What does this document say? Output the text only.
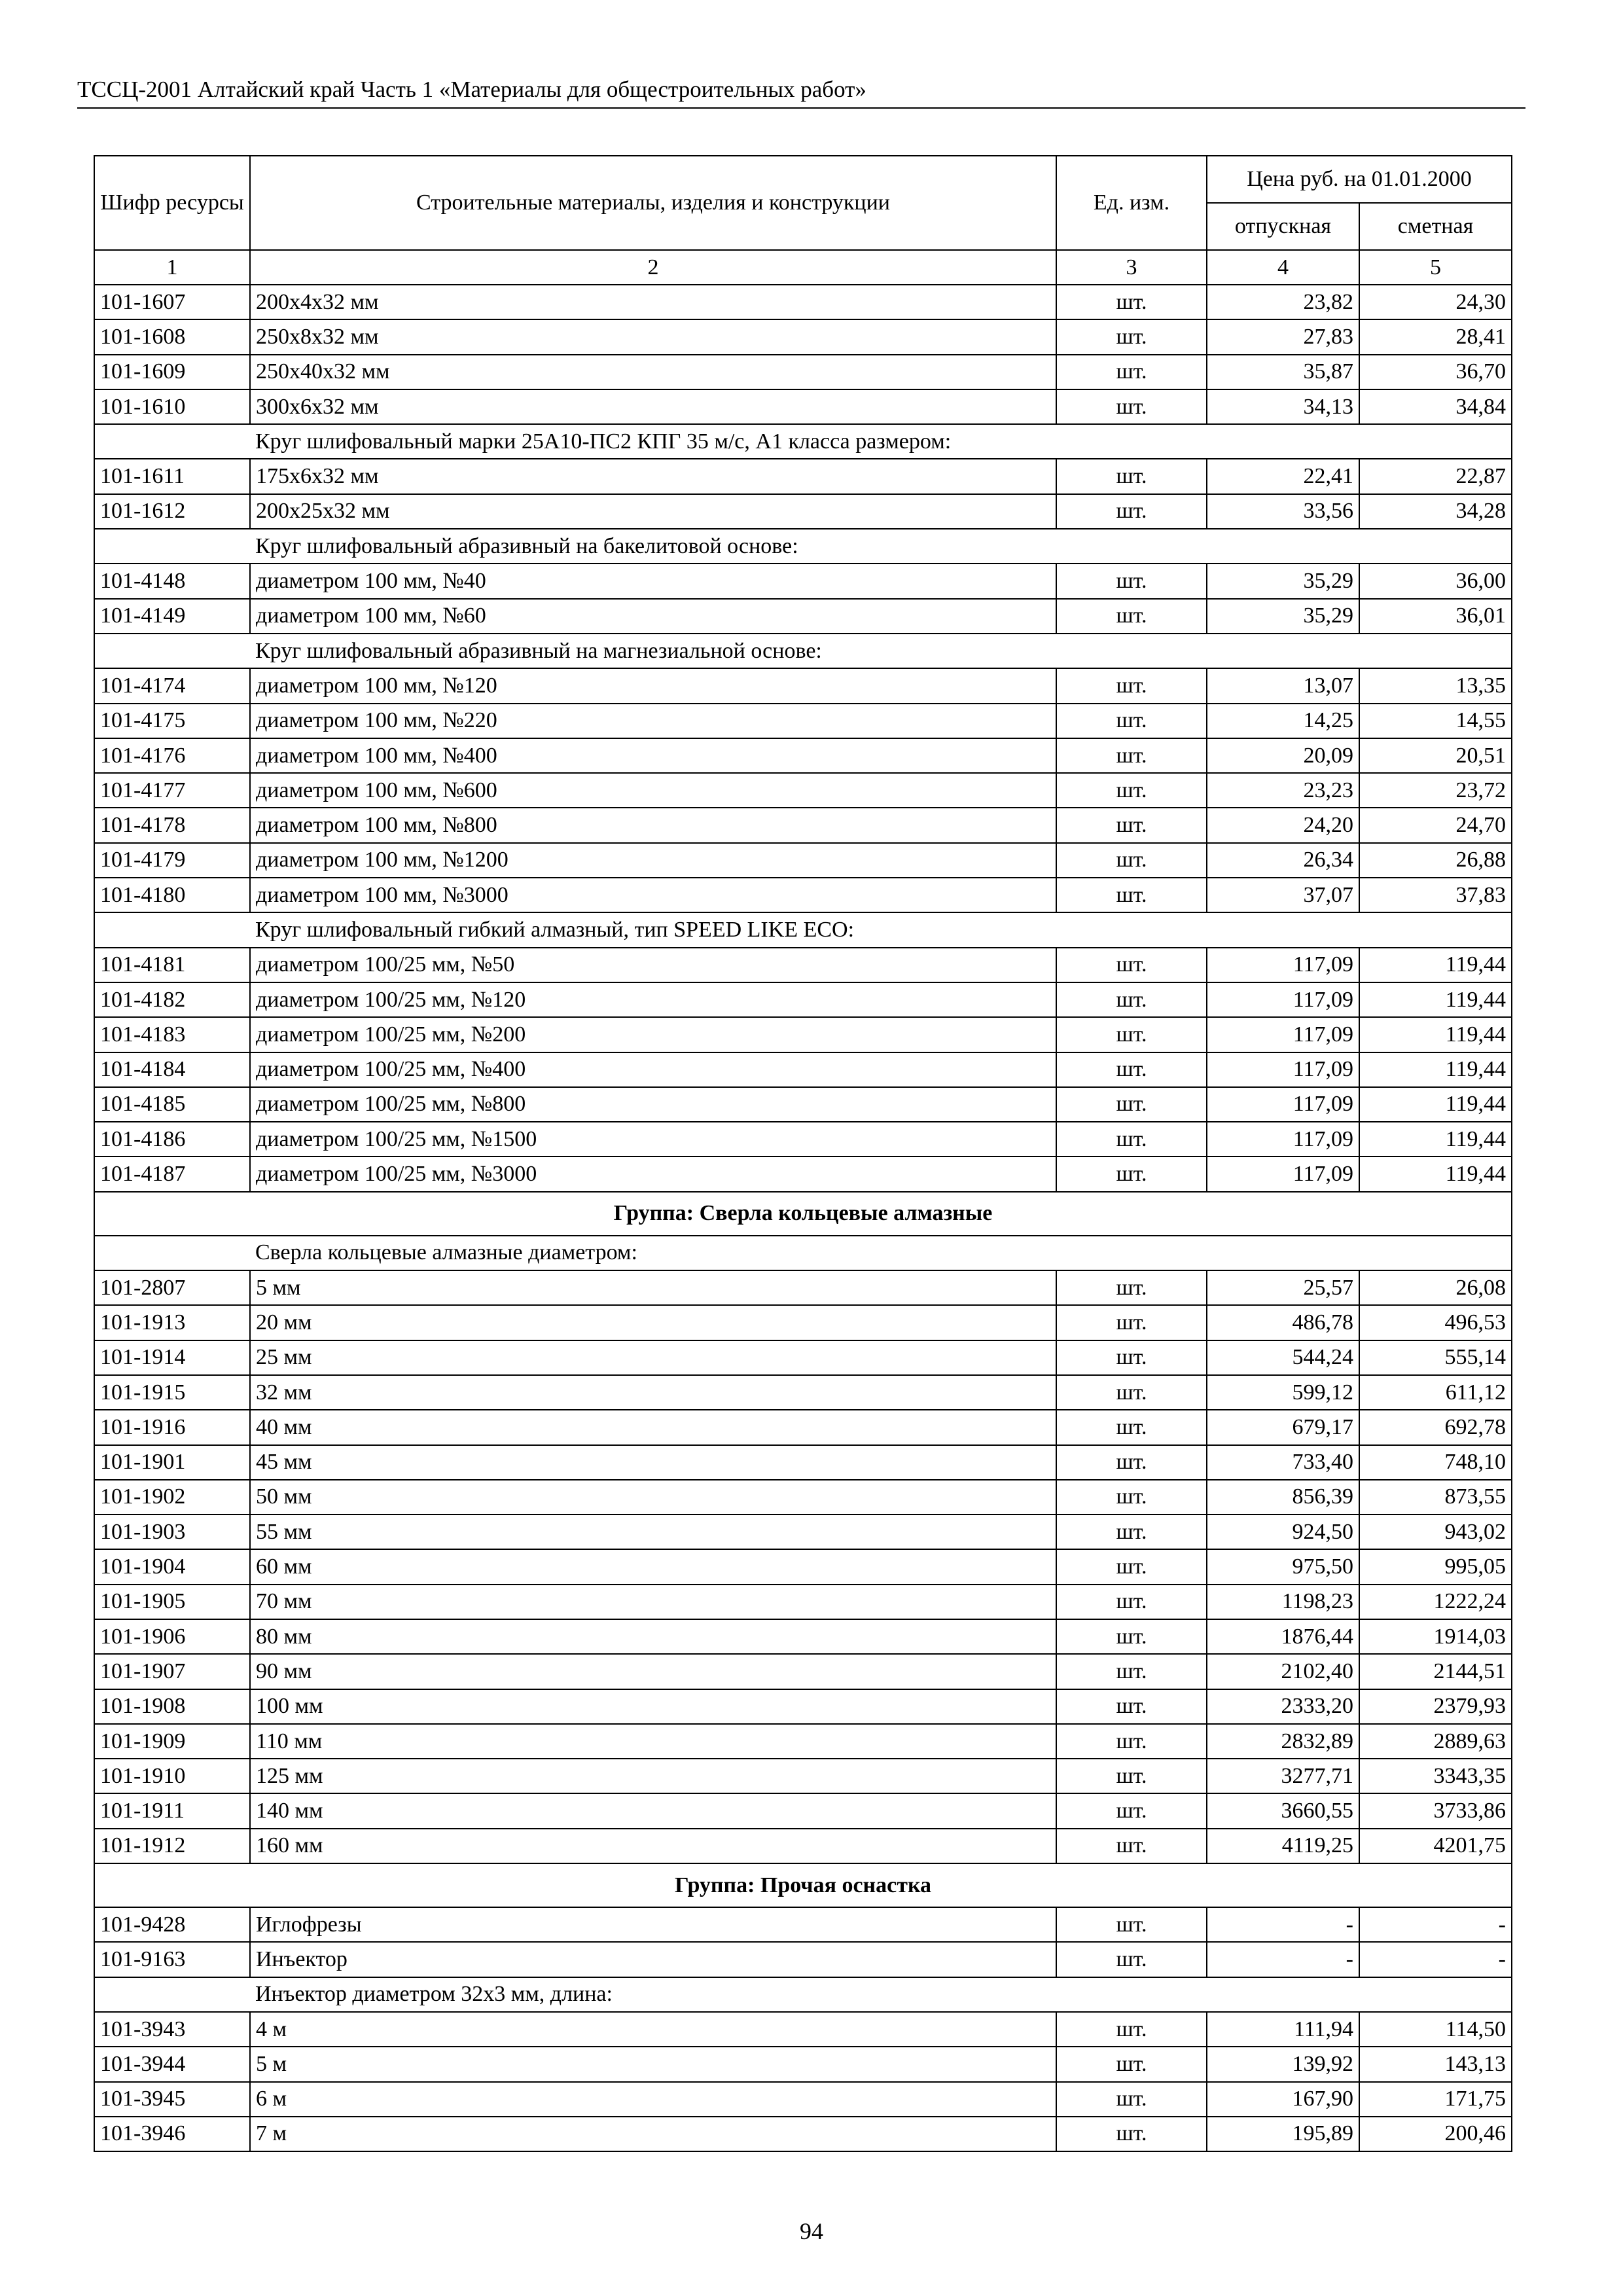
ТССЦ-2001 Алтайский край Часть 1 «Материалы для общестроительных работ»
Шифр ресурсы	Строительные материалы, изделия и конструкции	Ед. изм.	Цена руб. на 01.01.2000	
			отпускная	сметная
1	2	3	4	5
101-1607	200х4х32 мм	шт.	23,82	24,30
101-1608	250х8х32 мм	шт.	27,83	28,41
101-1609	250х40х32 мм	шт.	35,87	36,70
101-1610	300х6х32 мм	шт.	34,13	34,84
	Круг шлифовальный марки 25А10-ПС2 КПГ 35 м/с, А1 класса размером:			
101-1611	175х6х32 мм	шт.	22,41	22,87
101-1612	200х25х32 мм	шт.	33,56	34,28
	Круг шлифовальный абразивный на бакелитовой основе:			
101-4148	диаметром 100 мм, №40	шт.	35,29	36,00
101-4149	диаметром 100 мм, №60	шт.	35,29	36,01
	Круг шлифовальный абразивный на магнезиальной основе:			
101-4174	диаметром 100 мм, №120	шт.	13,07	13,35
101-4175	диаметром 100 мм, №220	шт.	14,25	14,55
101-4176	диаметром 100 мм, №400	шт.	20,09	20,51
101-4177	диаметром 100 мм, №600	шт.	23,23	23,72
101-4178	диаметром 100 мм, №800	шт.	24,20	24,70
101-4179	диаметром 100 мм, №1200	шт.	26,34	26,88
101-4180	диаметром 100 мм, №3000	шт.	37,07	37,83
	Круг шлифовальный гибкий алмазный, тип SPEED LIKE ECO:			
101-4181	диаметром 100/25 мм, №50	шт.	117,09	119,44
101-4182	диаметром 100/25 мм, №120	шт.	117,09	119,44
101-4183	диаметром 100/25 мм, №200	шт.	117,09	119,44
101-4184	диаметром 100/25 мм, №400	шт.	117,09	119,44
101-4185	диаметром 100/25 мм, №800	шт.	117,09	119,44
101-4186	диаметром 100/25 мм, №1500	шт.	117,09	119,44
101-4187	диаметром 100/25 мм, №3000	шт.	117,09	119,44
Группа: Сверла кольцевые алмазные				
	Сверла кольцевые алмазные диаметром:			
101-2807	5 мм	шт.	25,57	26,08
101-1913	20 мм	шт.	486,78	496,53
101-1914	25 мм	шт.	544,24	555,14
101-1915	32 мм	шт.	599,12	611,12
101-1916	40 мм	шт.	679,17	692,78
101-1901	45 мм	шт.	733,40	748,10
101-1902	50 мм	шт.	856,39	873,55
101-1903	55 мм	шт.	924,50	943,02
101-1904	60 мм	шт.	975,50	995,05
101-1905	70 мм	шт.	1198,23	1222,24
101-1906	80 мм	шт.	1876,44	1914,03
101-1907	90 мм	шт.	2102,40	2144,51
101-1908	100 мм	шт.	2333,20	2379,93
101-1909	110 мм	шт.	2832,89	2889,63
101-1910	125 мм	шт.	3277,71	3343,35
101-1911	140 мм	шт.	3660,55	3733,86
101-1912	160 мм	шт.	4119,25	4201,75
Группа: Прочая оснастка				
101-9428	Иглофрезы	шт.	-	-
101-9163	Инъектор	шт.	-	-
	Инъектор диаметром 32х3 мм, длина:			
101-3943	4 м	шт.	111,94	114,50
101-3944	5 м	шт.	139,92	143,13
101-3945	6 м	шт.	167,90	171,75
101-3946	7 м	шт.	195,89	200,46
94
